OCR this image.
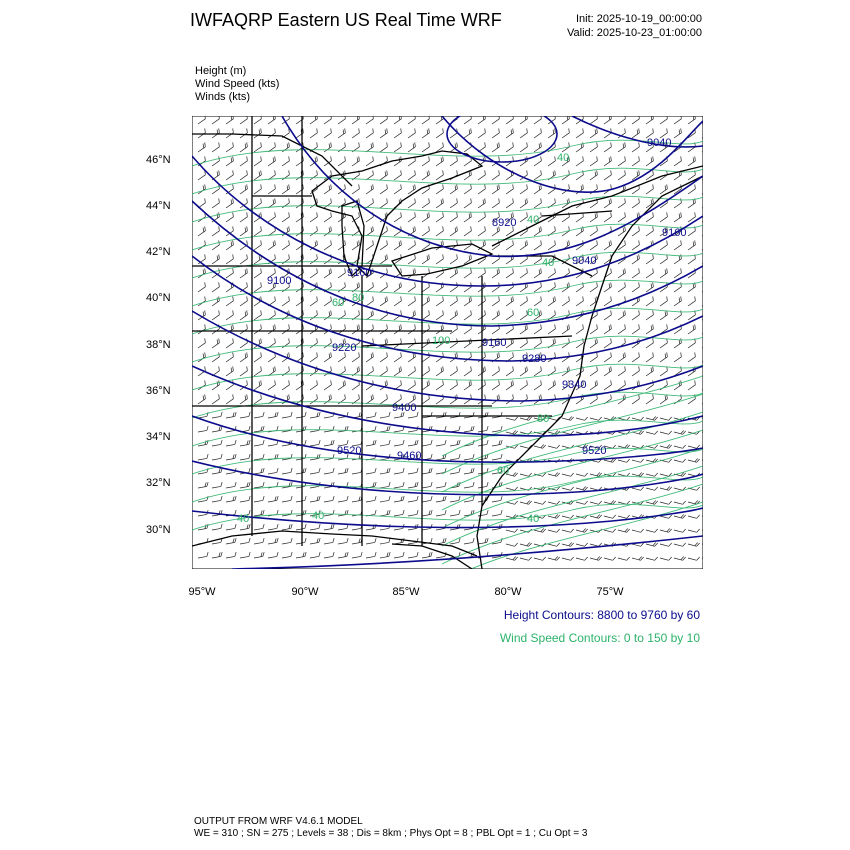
IWFAQRP Eastern US Real Time WRF	Init: 2025-10-19_00:00:00
Valid: 2025-10-23_01:00:00
Height (m)
Wind Speed (kts)
Winds (kts)
9040
9160
8920
9040
9100
9160
9160
9220
9280
9340
9400
9460
9520	9520
40
40
40
60
60
80
100
80
60
40	40
40
46°N
44°N
42°N
40°N
38°N
36°N
34°N
32°N
30°N
95°W	90°W	85°W	80°W	75°W
Height Contours: 8800 to 9760 by 60
Wind Speed Contours: 0 to 150 by 10
OUTPUT FROM WRF V4.6.1 MODEL
WE = 310 ; SN = 275 ; Levels = 38 ; Dis = 8km ; Phys Opt = 8 ; PBL Opt = 1 ; Cu Opt = 3
